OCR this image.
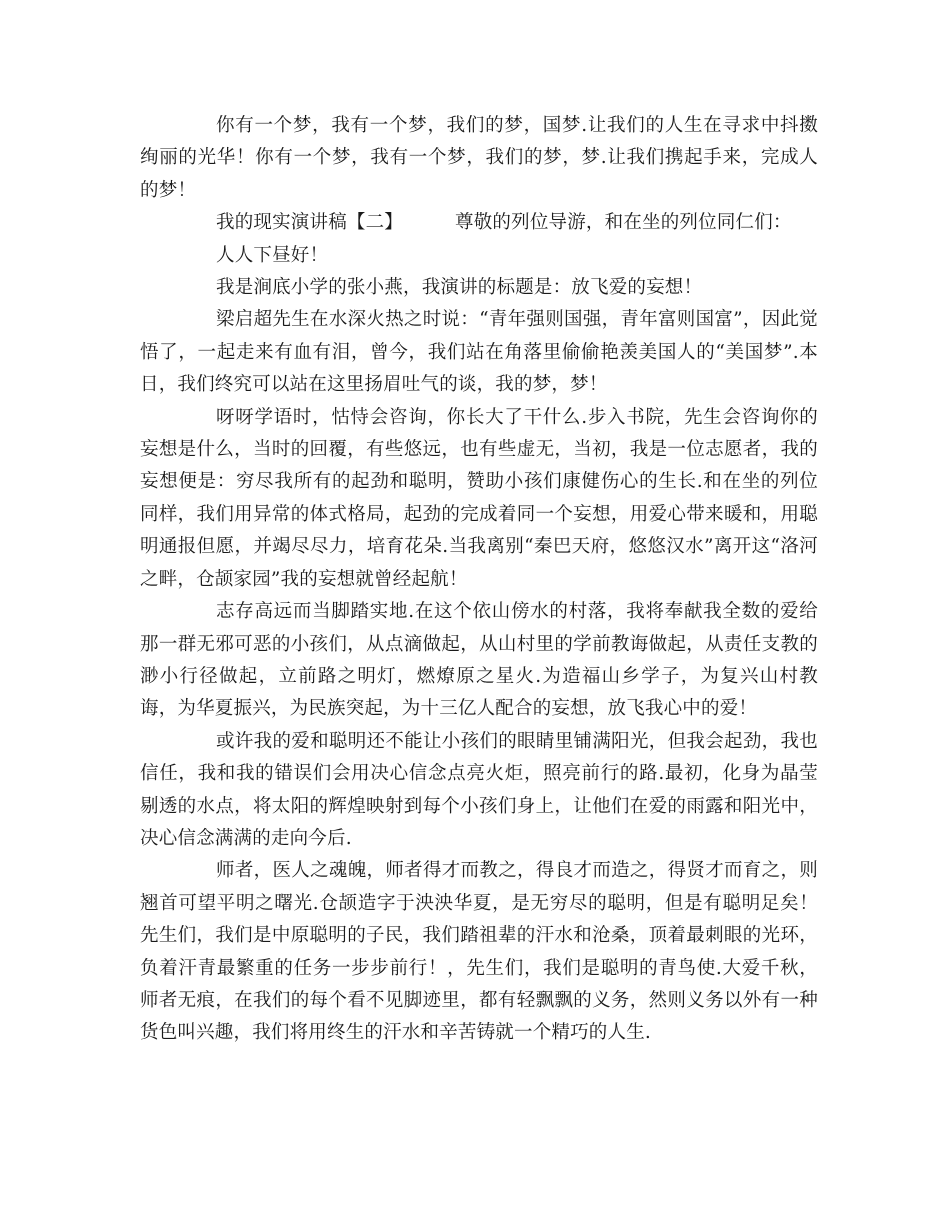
你有一个梦，我有一个梦，我们的梦，国梦.让我们的人生在寻求中抖擞绚丽的光华！你有一个梦，我有一个梦，我们的梦，梦.让我们携起手来，完成人的梦！

我的现实演讲稿【二】	尊敬的列位导游，和在坐的列位同仁们：

人人下昼好！

我是涧底小学的张小燕，我演讲的标题是：放飞爱的妄想！

梁启超先生在水深火热之时说：“青年强则国强，青年富则国富”，因此觉悟了，一起走来有血有泪，曾今，我们站在角落里偷偷艳羡美国人的“美国梦”.本日，我们终究可以站在这里扬眉吐气的谈，我的梦，梦！

呀呀学语时，怙恃会咨询，你长大了干什么.步入书院，先生会咨询你的妄想是什么，当时的回覆，有些悠远，也有些虚无，当初，我是一位志愿者，我的妄想便是：穷尽我所有的起劲和聪明，赞助小孩们康健伤心的生长.和在坐的列位同样，我们用异常的体式格局，起劲的完成着同一个妄想，用爱心带来暖和，用聪明通报但愿，并竭尽尽力，培育花朵.当我离别“秦巴天府，悠悠汉水”离开这“洛河之畔，仓颉家园”我的妄想就曾经起航！

志存高远而当脚踏实地.在这个依山傍水的村落，我将奉献我全数的爱给那一群无邪可恶的小孩们，从点滴做起，从山村里的学前教诲做起，从责任支教的渺小行径做起，立前路之明灯，燃燎原之星火.为造福山乡学子，为复兴山村教诲，为华夏振兴，为民族突起，为十三亿人配合的妄想，放飞我心中的爱！

或许我的爱和聪明还不能让小孩们的眼睛里铺满阳光，但我会起劲，我也信任，我和我的错误们会用决心信念点亮火炬，照亮前行的路.最初，化身为晶莹剔透的水点，将太阳的辉煌映射到每个小孩们身上，让他们在爱的雨露和阳光中，决心信念满满的走向今后.

师者，医人之魂魄，师者得才而教之，得良才而造之，得贤才而育之，则翘首可望平明之曙光.仓颉造字于泱泱华夏，是无穷尽的聪明，但是有聪明足矣！先生们，我们是中原聪明的子民，我们踏祖辈的汗水和沧桑，顶着最刺眼的光环，负着汗青最繁重的任务一步步前行！，先生们，我们是聪明的青鸟使.大爱千秋，师者无痕，在我们的每个看不见脚迹里，都有轻飘飘的义务，然则义务以外有一种货色叫兴趣，我们将用终生的汗水和辛苦铸就一个精巧的人生.
